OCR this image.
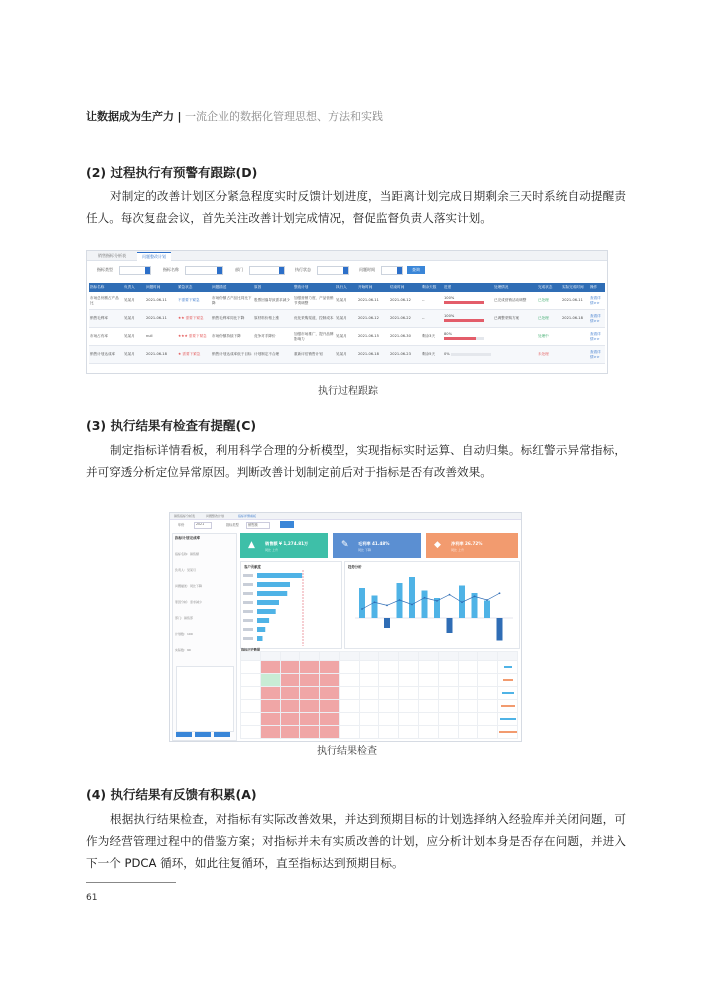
让数据成为生产力 | 一流企业的数据化管理思想、方法和实践
(2) 过程执行有预警有跟踪(D)
对制定的改善计划区分紧急程度实时反馈计划进度，当距离计划完成日期剩余三天时系统自动提醒责任人。每次复盘会议，首先关注改善计划完成情况，督促监督负责人落实计划。
销售指标分析表	问题整改计划
指标类型	指标名称	部门	执行状态	问题时间	查询
指标名称	负责人	问题时间	紧急状态	问题描述	原因	整改计划	执行人	开始时间	结束时间	剩余天数	进度	处理情况	完成状态	实际完成时间	操作
市场总份额占产品比	吴某月	2021-06-11	不需要下紧急	市场份额占产品比同比下降	股票回落导致需求减少	加强营销力度，产品营销节奏调整	吴某月	2021-06-11	2021-06-12	--	100%	已完成营销活动调整	已处理	2021-06-11	查看详情>>
销售毛利率	吴某月	2021-06-11	★★ 需要下紧急	销售毛利率同比下降	原材料价格上涨	优化采购渠道，控制成本	吴某月	2021-06-12	2021-06-22	--	100%	已调整采购方案	已处理	2021-06-18	查看详情>>
市场占有率	吴某月	null	★★★ 需要下紧急	市场份额持续下降	竞争对手降价	加强市场推广，提升品牌影响力	吴某月	2021-06-15	2021-06-30	剩余3天	80%		处理中		查看详情>>
销售计划达成率	吴某月	2021-06-18	★ 需要下紧急	销售计划达成率低于目标	计划制定不合理	重新评估销售计划	吴某月	2021-06-18	2021-06-23	剩余5天	0%		未处理		查看详情>>
执行过程跟踪
(3) 执行结果有检查有提醒(C)
制定指标详情看板，利用科学合理的分析模型，实现指标实时运算、自动归集。标红警示异常指标，并可穿透分析定位异常原因。判断改善计划制定前后对于指标是否有改善效果。
销售指标分析表	问题整改计划	指标详情看板
年份	2021	指标类型	销售额
指标计划完成率
指标名称：销售额
负责人：吴某月
问题描述：同比下降
原因分析：需求减少
部门：销售部
计划数：100
实际数：90
▲ 销售额 ¥ 1,274.81万
同比 上升	✎ 毛利率 41.48%
同比 下降	◆ 净利率 26.72%
同比 上升
客户贡献度	趋势分析
指标历史数据

执行结果检查
(4) 执行结果有反馈有积累(A)
根据执行结果检查，对指标有实际改善效果，并达到预期目标的计划选择纳入经验库并关闭问题，可作为经营管理过程中的借鉴方案；对指标并未有实质改善的计划，应分析计划本身是否存在问题，并进入下一个 PDCA 循环，如此往复循环，直至指标达到预期目标。
61
